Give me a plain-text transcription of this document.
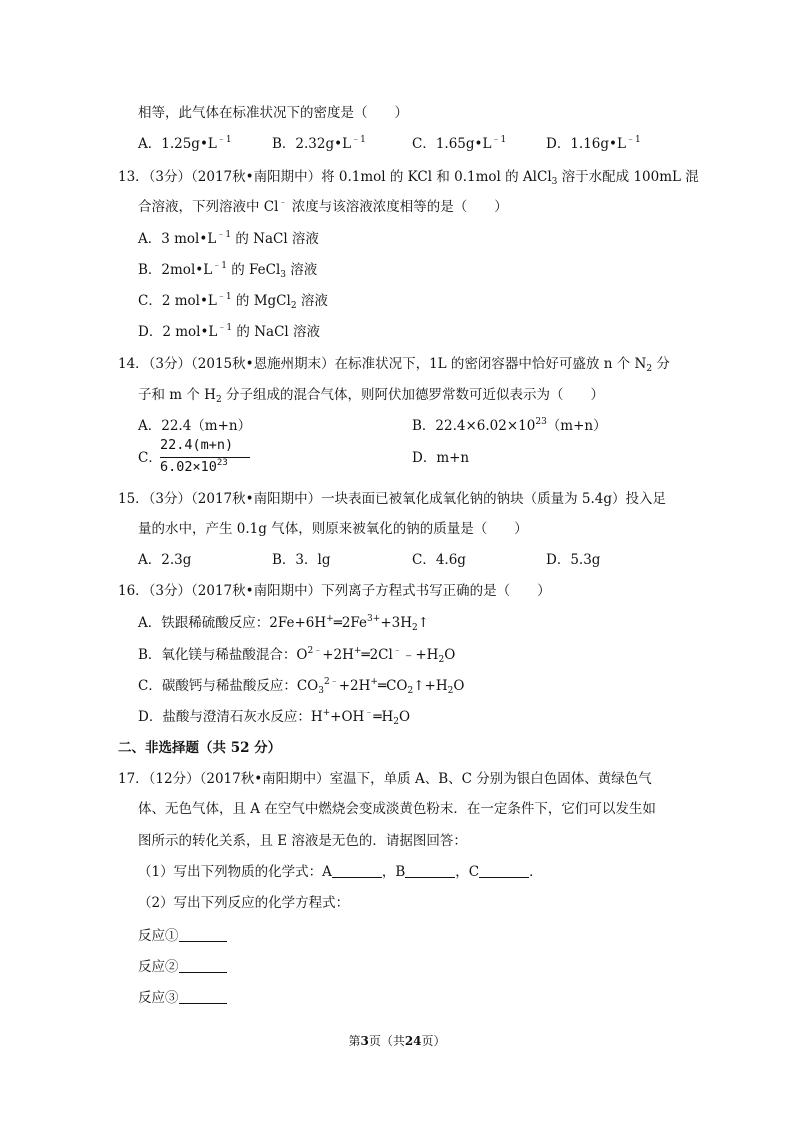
相等，此气体在标准状况下的密度是（　　）
A．$1.25g•L^{﹣1}$	B．$2.32g•L^{﹣1}$	C．$1.65g•L^{﹣1}$	D．$1.16g•L^{﹣1}$
13．（3分）（2017秋•南阳期中）将 0.1mol 的 KCl 和 0.1mol 的 AlCl$_3$ 溶于水配成 100mL 混
合溶液，下列溶液中 Cl﹣ 浓度与该溶液浓度相等的是（　　）
A．3 $mol•L^{﹣1}$ 的 NaCl 溶液
B．$2mol•L^{﹣1}$ 的 FeCl$_3$ 溶液
C．2 $mol•L^{﹣1}$ 的 MgCl$_2$ 溶液
D．2 $mol•L^{﹣1}$ 的 NaCl 溶液
14．（3分）（2015秋•恩施州期末）在标准状况下，1L 的密闭容器中恰好可盛放 n 个 $N_2$ 分
子和 m 个 $H_2$ 分子组成的混合气体，则阿伏加德罗常数可近似表示为（　　）
A．22.4（m+n）	B．$22.4\times 6.02\times 10^{23}(m+n)$
C．
22.4(m+n)
$6.02\times 10^{23}$	D．m+n
15．（3分）（2017秋•南阳期中）一块表面已被氧化成氧化钠的钠块（质量为 5.4g）投入足
量的水中，产生 0.1g 气体，则原来被氧化的钠的质量是（　　）
A．2.3g	B．3．lg	C．4.6g	D．5.3g
16．（3分）（2017秋•南阳期中）下列离子方程式书写正确的是（　　）
A．铁跟稀硫酸反应：$2Fe+6H^+═2Fe^{3+}+3H_2↑$
B．氧化镁与稀盐酸混合：$O^{2﹣}+2H^+═2Cl^﹣﹣+H_2O$
C．碳酸钙与稀盐酸反应：$CO_3^{2﹣}+2H^+═CO_2↑+H_2O$
D．盐酸与澄清石灰水反应：$H^++OH^﹣═H_2O$
二、非选择题（共 52 分）
17．（12分）（2017秋•南阳期中）室温下，单质 A、B、C 分别为银白色固体、黄绿色气
体、无色气体，且 A 在空气中燃烧会变成淡黄色粉末．在一定条件下，它们可以发生如
图所示的转化关系，且 E 溶液是无色的．请据图回答：
（1）写出下列物质的化学式：A	，B	，C	．
（2）写出下列反应的化学方程式：
反应①
反应②
反应③
第3页（共24页）
